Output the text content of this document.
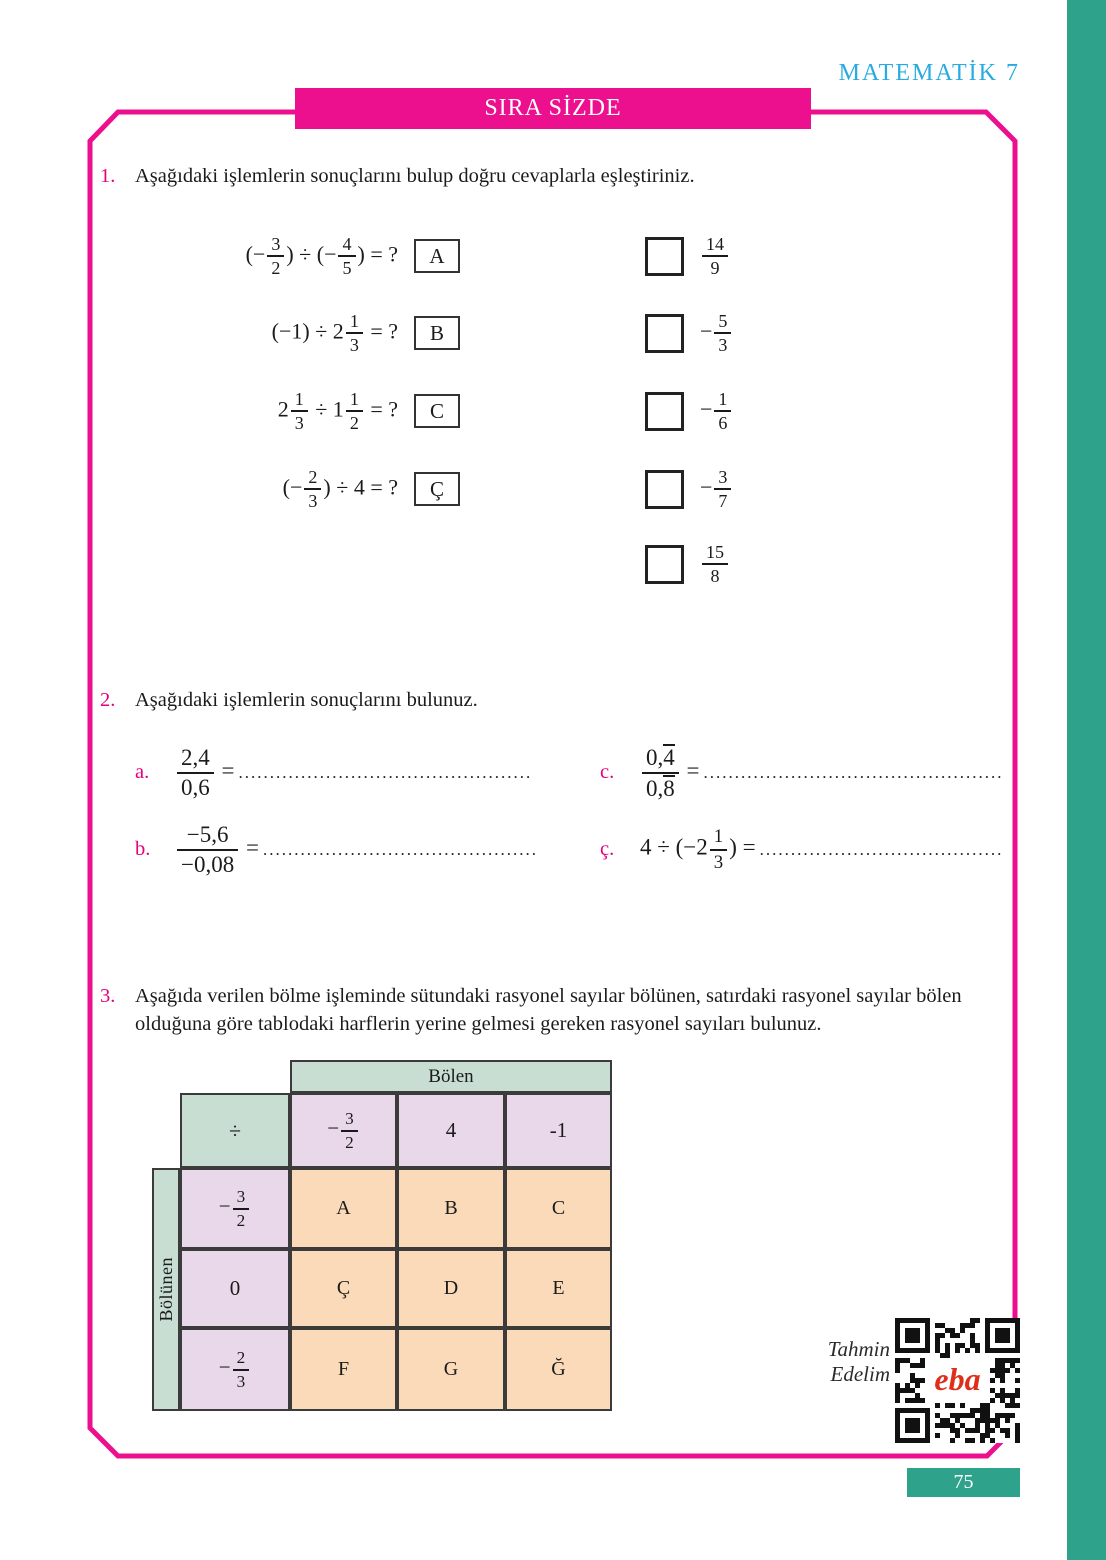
MATEMATİK 7
SIRA SİZDE
1. Aşağıdaki işlemlerin sonuçlarını bulup doğru cevaplarla eşleştiriniz.
(− $\frac{3}{2}$ ) ÷ (− $\frac{4}{5}$ ) = ? A
$(-1) \div 2 \frac{1}{3}$ = ? B
$2 \frac{1}{3} \div 1 \frac{1}{2}$ = ? C
(− $\frac{2}{3}$ ) ÷ 4 = ? Ç
$\frac{14}{9}$
− $\frac{5}{3}$
− $\frac{1}{6}$
− $\frac{3}{7}$
$\frac{15}{8}$
2. Aşağıdaki işlemlerin sonuçlarını bulunuz.
a.	$\frac{2,4}{0,6}$ = ...............................................
b.	$\frac{-5,6}{-0,08}$ = ............................................
c.	$\frac{0,4}{0,8}$ = ................................................
ç.	$4 \div (-2 \frac{1}{3}$ ) = .......................................
3. Aşağıda verilen bölme işleminde sütundaki rasyonel sayılar bölünen, satırdaki rasyonel sayılar bölen olduğuna göre tablodaki harflerin yerine gelmesi gereken rasyonel sayıları bulunuz.
Bölen
÷	− $\frac{3}{2}$	4	-1
Bölünen
− $\frac{3}{2}$	A	B	C
0	Ç	D	E
− $\frac{2}{3}$	F	G	Ğ
Tahmin Edelim eba
75
